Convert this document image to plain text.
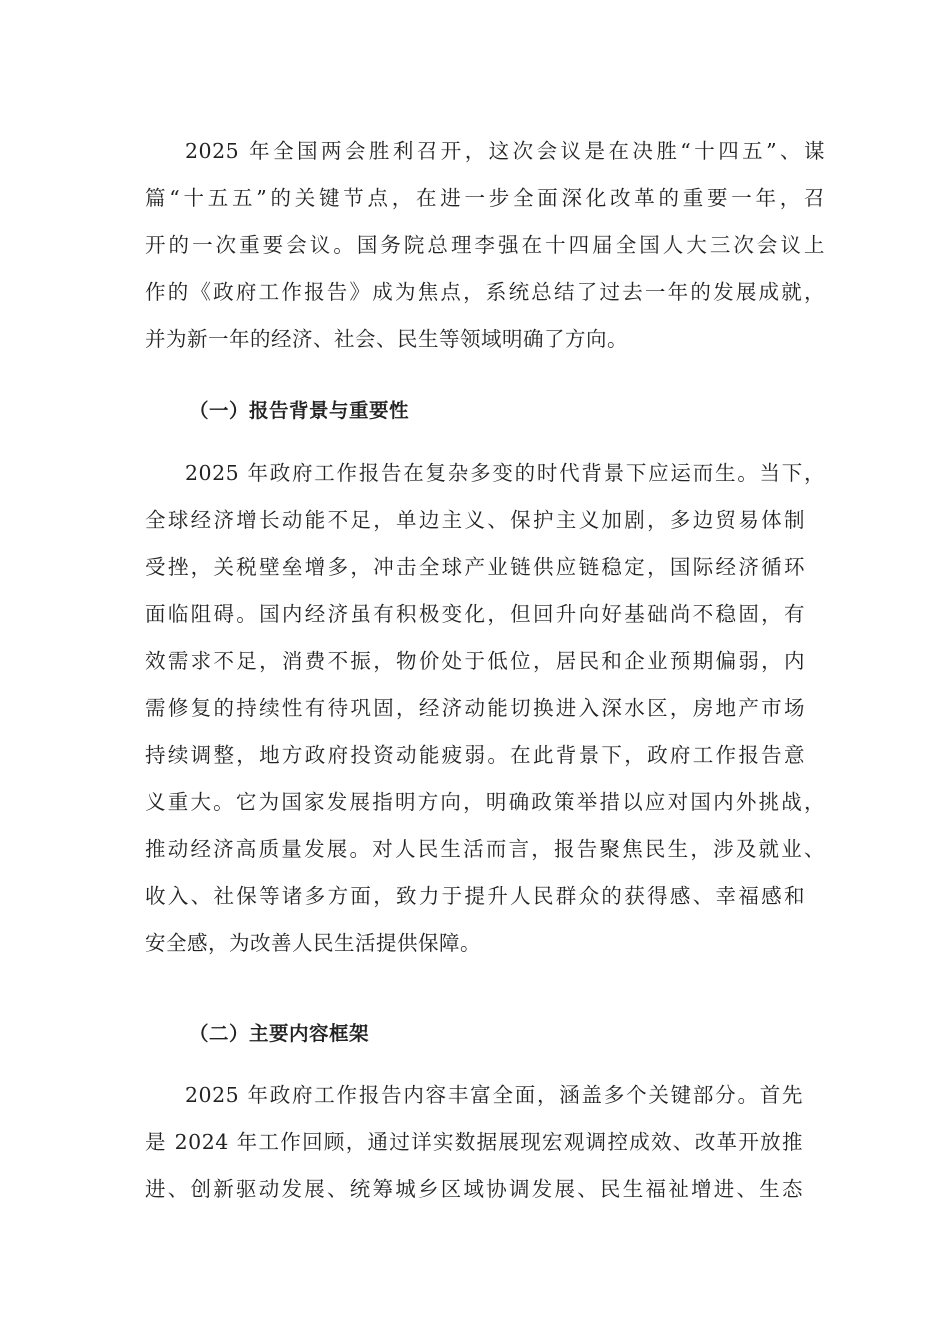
2025 年全国两会胜利召开，这次会议是在决胜“十四五”、谋
篇“十五五”的关键节点，在进一步全面深化改革的重要一年，召
开的一次重要会议。国务院总理李强在十四届全国人大三次会议上
作的《政府工作报告》成为焦点，系统总结了过去一年的发展成就，
并为新一年的经济、社会、民生等领域明确了方向。
（一）报告背景与重要性
2025 年政府工作报告在复杂多变的时代背景下应运而生。当下，
全球经济增长动能不足，单边主义、保护主义加剧，多边贸易体制
受挫，关税壁垒增多，冲击全球产业链供应链稳定，国际经济循环
面临阻碍。国内经济虽有积极变化，但回升向好基础尚不稳固，有
效需求不足，消费不振，物价处于低位，居民和企业预期偏弱，内
需修复的持续性有待巩固，经济动能切换进入深水区，房地产市场
持续调整，地方政府投资动能疲弱。在此背景下，政府工作报告意
义重大。它为国家发展指明方向，明确政策举措以应对国内外挑战，
推动经济高质量发展。对人民生活而言，报告聚焦民生，涉及就业、
收入、社保等诸多方面，致力于提升人民群众的获得感、幸福感和
安全感，为改善人民生活提供保障。
（二）主要内容框架
2025 年政府工作报告内容丰富全面，涵盖多个关键部分。首先
是 2024 年工作回顾，通过详实数据展现宏观调控成效、改革开放推
进、创新驱动发展、统筹城乡区域协调发展、民生福祉增进、生态
